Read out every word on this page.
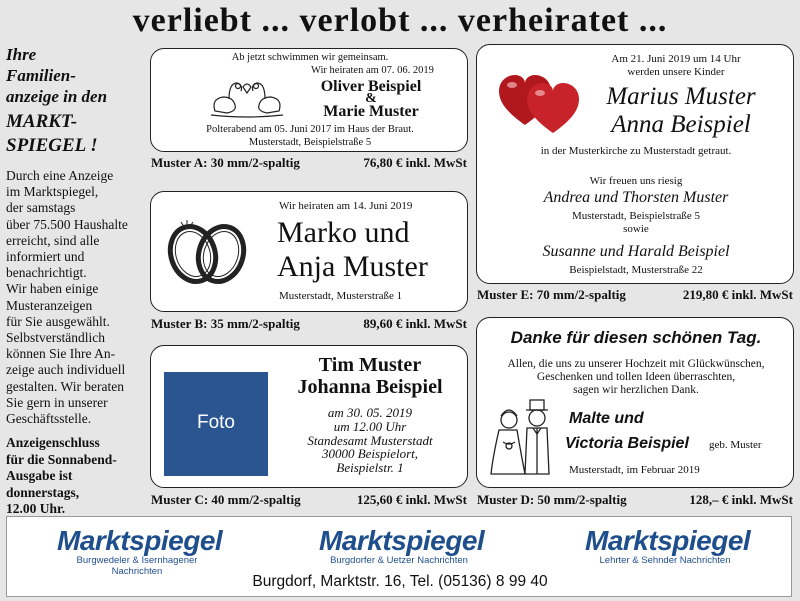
verliebt ... verlobt ... verheiratet ...
Ihre
Familien-
anzeige in den
MARKT-
SPIEGEL !
Durch eine Anzeige
im Marktspiegel,
der samstags
über 75.500 Haushalte
erreicht, sind alle
informiert und
benachrichtigt.
Wir haben einige
Musteranzeigen
für Sie ausgewählt.
Selbstverständlich
können Sie Ihre An-
zeige auch individuell
gestalten. Wir beraten
Sie gern in unserer
Geschäftsstelle.
Anzeigenschluss
für die Sonnabend-
Ausgabe ist
donnerstags,
12.00 Uhr.
Ab jetzt schwimmen wir gemeinsam.
Wir heiraten am 07. 06. 2019
Oliver Beispiel
&
Marie Muster
Polterabend am 05. Juni 2017 im Haus der Braut.
Musterstadt, Beispielstraße 5
Muster A: 30 mm/2-spaltig	76,80 € inkl. MwSt
Wir heiraten am 14. Juni 2019
Marko und
Anja Muster
Musterstadt, Musterstraße 1
Muster B: 35 mm/2-spaltig	89,60 € inkl. MwSt
Foto
Tim Muster
Johanna Beispiel
am 30. 05. 2019
um 12.00 Uhr
Standesamt Musterstadt
30000 Beispielort,
Beispielstr. 1
Muster C: 40 mm/2-spaltig	125,60 € inkl. MwSt
Am 21. Juni 2019 um 14 Uhr
werden unsere Kinder
Marius Muster
Anna Beispiel
in der Musterkirche zu Musterstadt getraut.
Wir freuen uns riesig
Andrea und Thorsten Muster
Musterstadt, Beispielstraße 5
sowie
Susanne und Harald Beispiel
Beispielstadt, Musterstraße 22
Muster E: 70 mm/2-spaltig	219,80 € inkl. MwSt
Danke für diesen schönen Tag.
Allen, die uns zu unserer Hochzeit mit Glückwünschen,
Geschenken und tollen Ideen überraschten,
sagen wir herzlichen Dank.
Malte und
Victoria Beispiel geb. Muster
Musterstadt, im Februar 2019
Muster D: 50 mm/2-spaltig	128,– € inkl. MwSt
Marktspiegel
Burgwedeler & Isernhagener Nachrichten
Marktspiegel
Burgdorfer & Uetzer Nachrichten
Marktspiegel
Lehrter & Sehnder Nachrichten
Burgdorf, Marktstr. 16, Tel. (05136) 8 99 40
